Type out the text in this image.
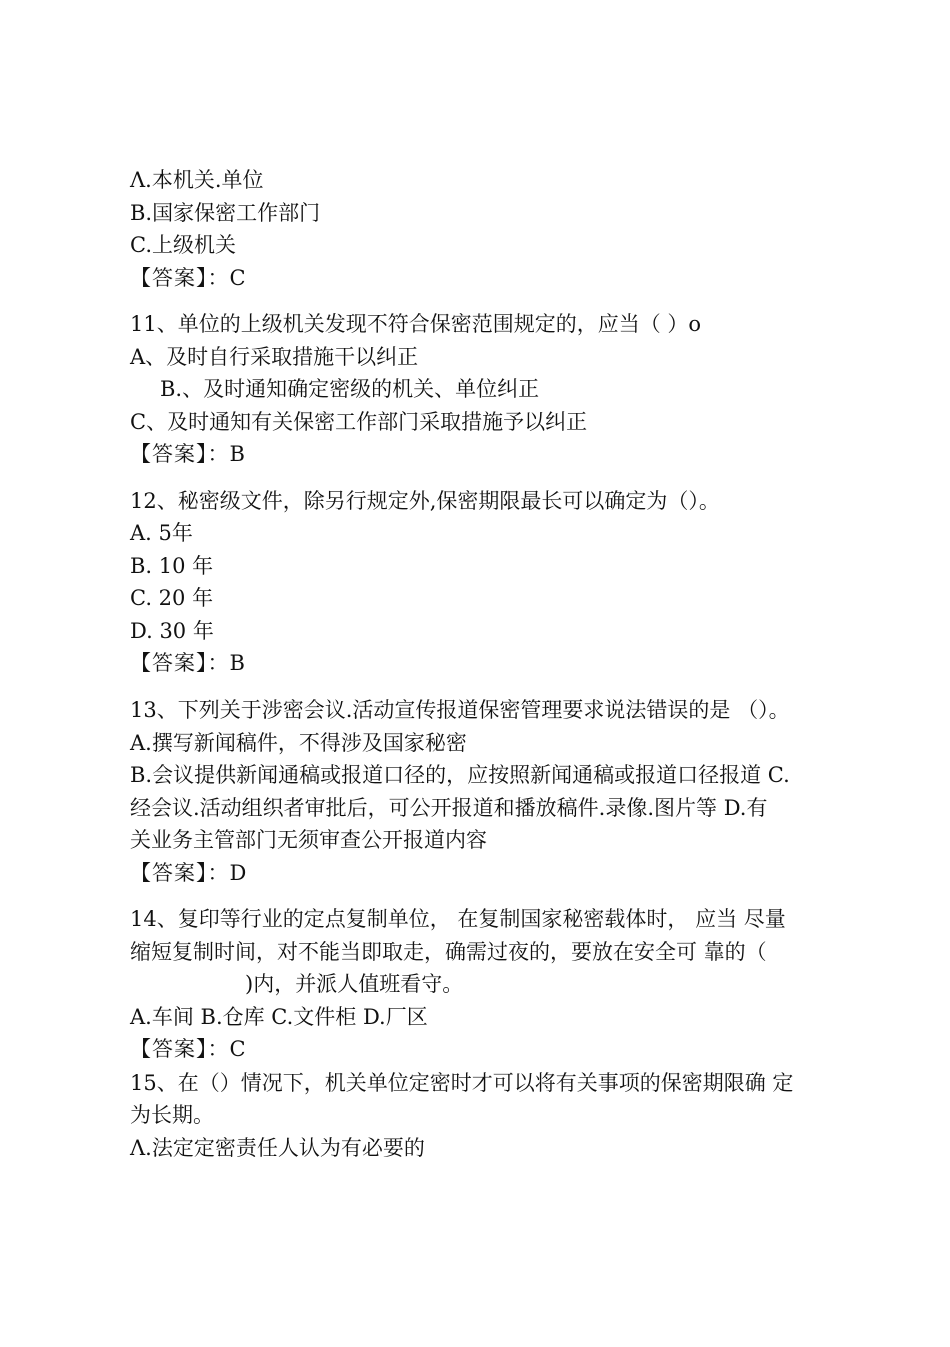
Λ.本机关.单位
B.国家保密工作部门
C.上级机关
【答案】：C
11、单位的上级机关发现不符合保密范围规定的，应当（ ）o
A、及时自行采取措施干以纠正
B.、及时通知确定密级的机关、单位纠正
C、及时通知有关保密工作部门采取措施予以纠正
【答案】：B
12、秘密级文件，除另行规定外,保密期限最长可以确定为（）。
A. 5年
B. 10 年
C. 20 年
D. 30 年
【答案】：B
13、下列关于涉密会议.活动宣传报道保密管理要求说法错误的是 （）。
A.撰写新闻稿件，不得涉及国家秘密
B.会议提供新闻通稿或报道口径的，应按照新闻通稿或报道口径报道 C.
经会议.活动组织者审批后，可公开报道和播放稿件.录像.图片等 D.有
关业务主管部门无须审查公开报道内容
【答案】：D
14、复印等行业的定点复制单位， 在复制国家秘密载体时， 应当 尽量
缩短复制时间，对不能当即取走，确需过夜的，要放在安全可 靠的（
)内，并派人值班看守。
A.车间 B.仓库 C.文件柜 D.厂区
【答案】：C
15、在（）情况下，机关单位定密时才可以将有关事项的保密期限确 定
为长期。
Λ.法定定密责任人认为有必要的
